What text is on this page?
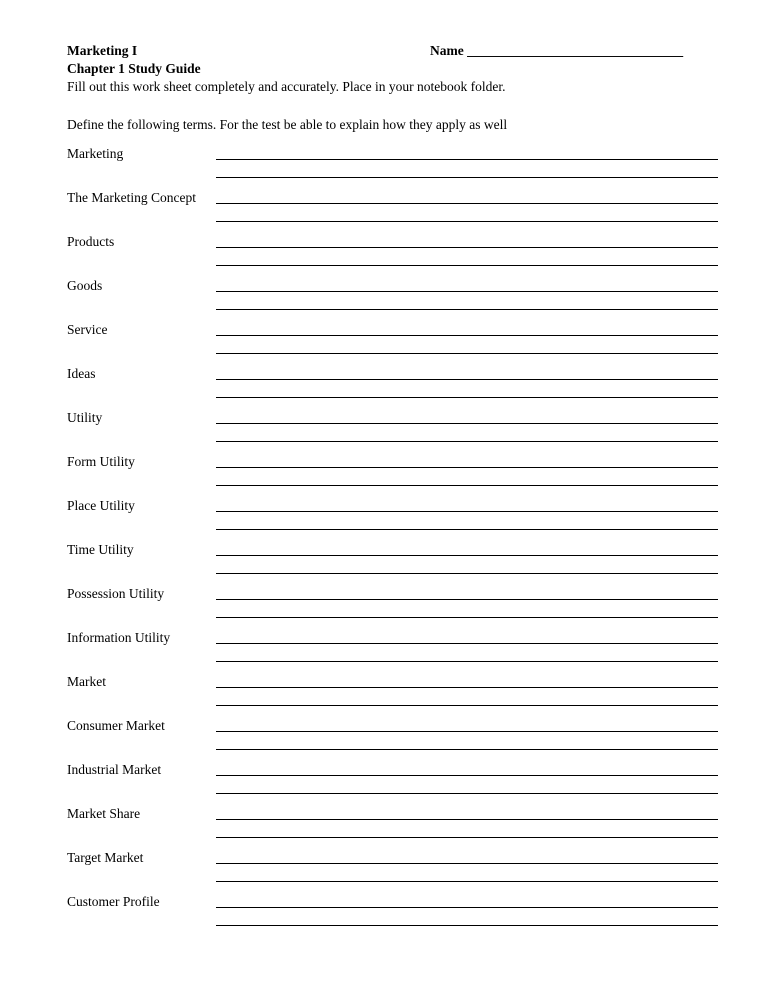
Marketing I	Name ________________________________
Chapter 1 Study Guide
Fill out this work sheet completely and accurately. Place in your notebook folder.
Define the following terms. For the test be able to explain how they apply as well
Marketing
The Marketing Concept
Products
Goods
Service
Ideas
Utility
Form Utility
Place Utility
Time Utility
Possession Utility
Information Utility
Market
Consumer Market
Industrial Market
Market Share
Target Market
Customer Profile
